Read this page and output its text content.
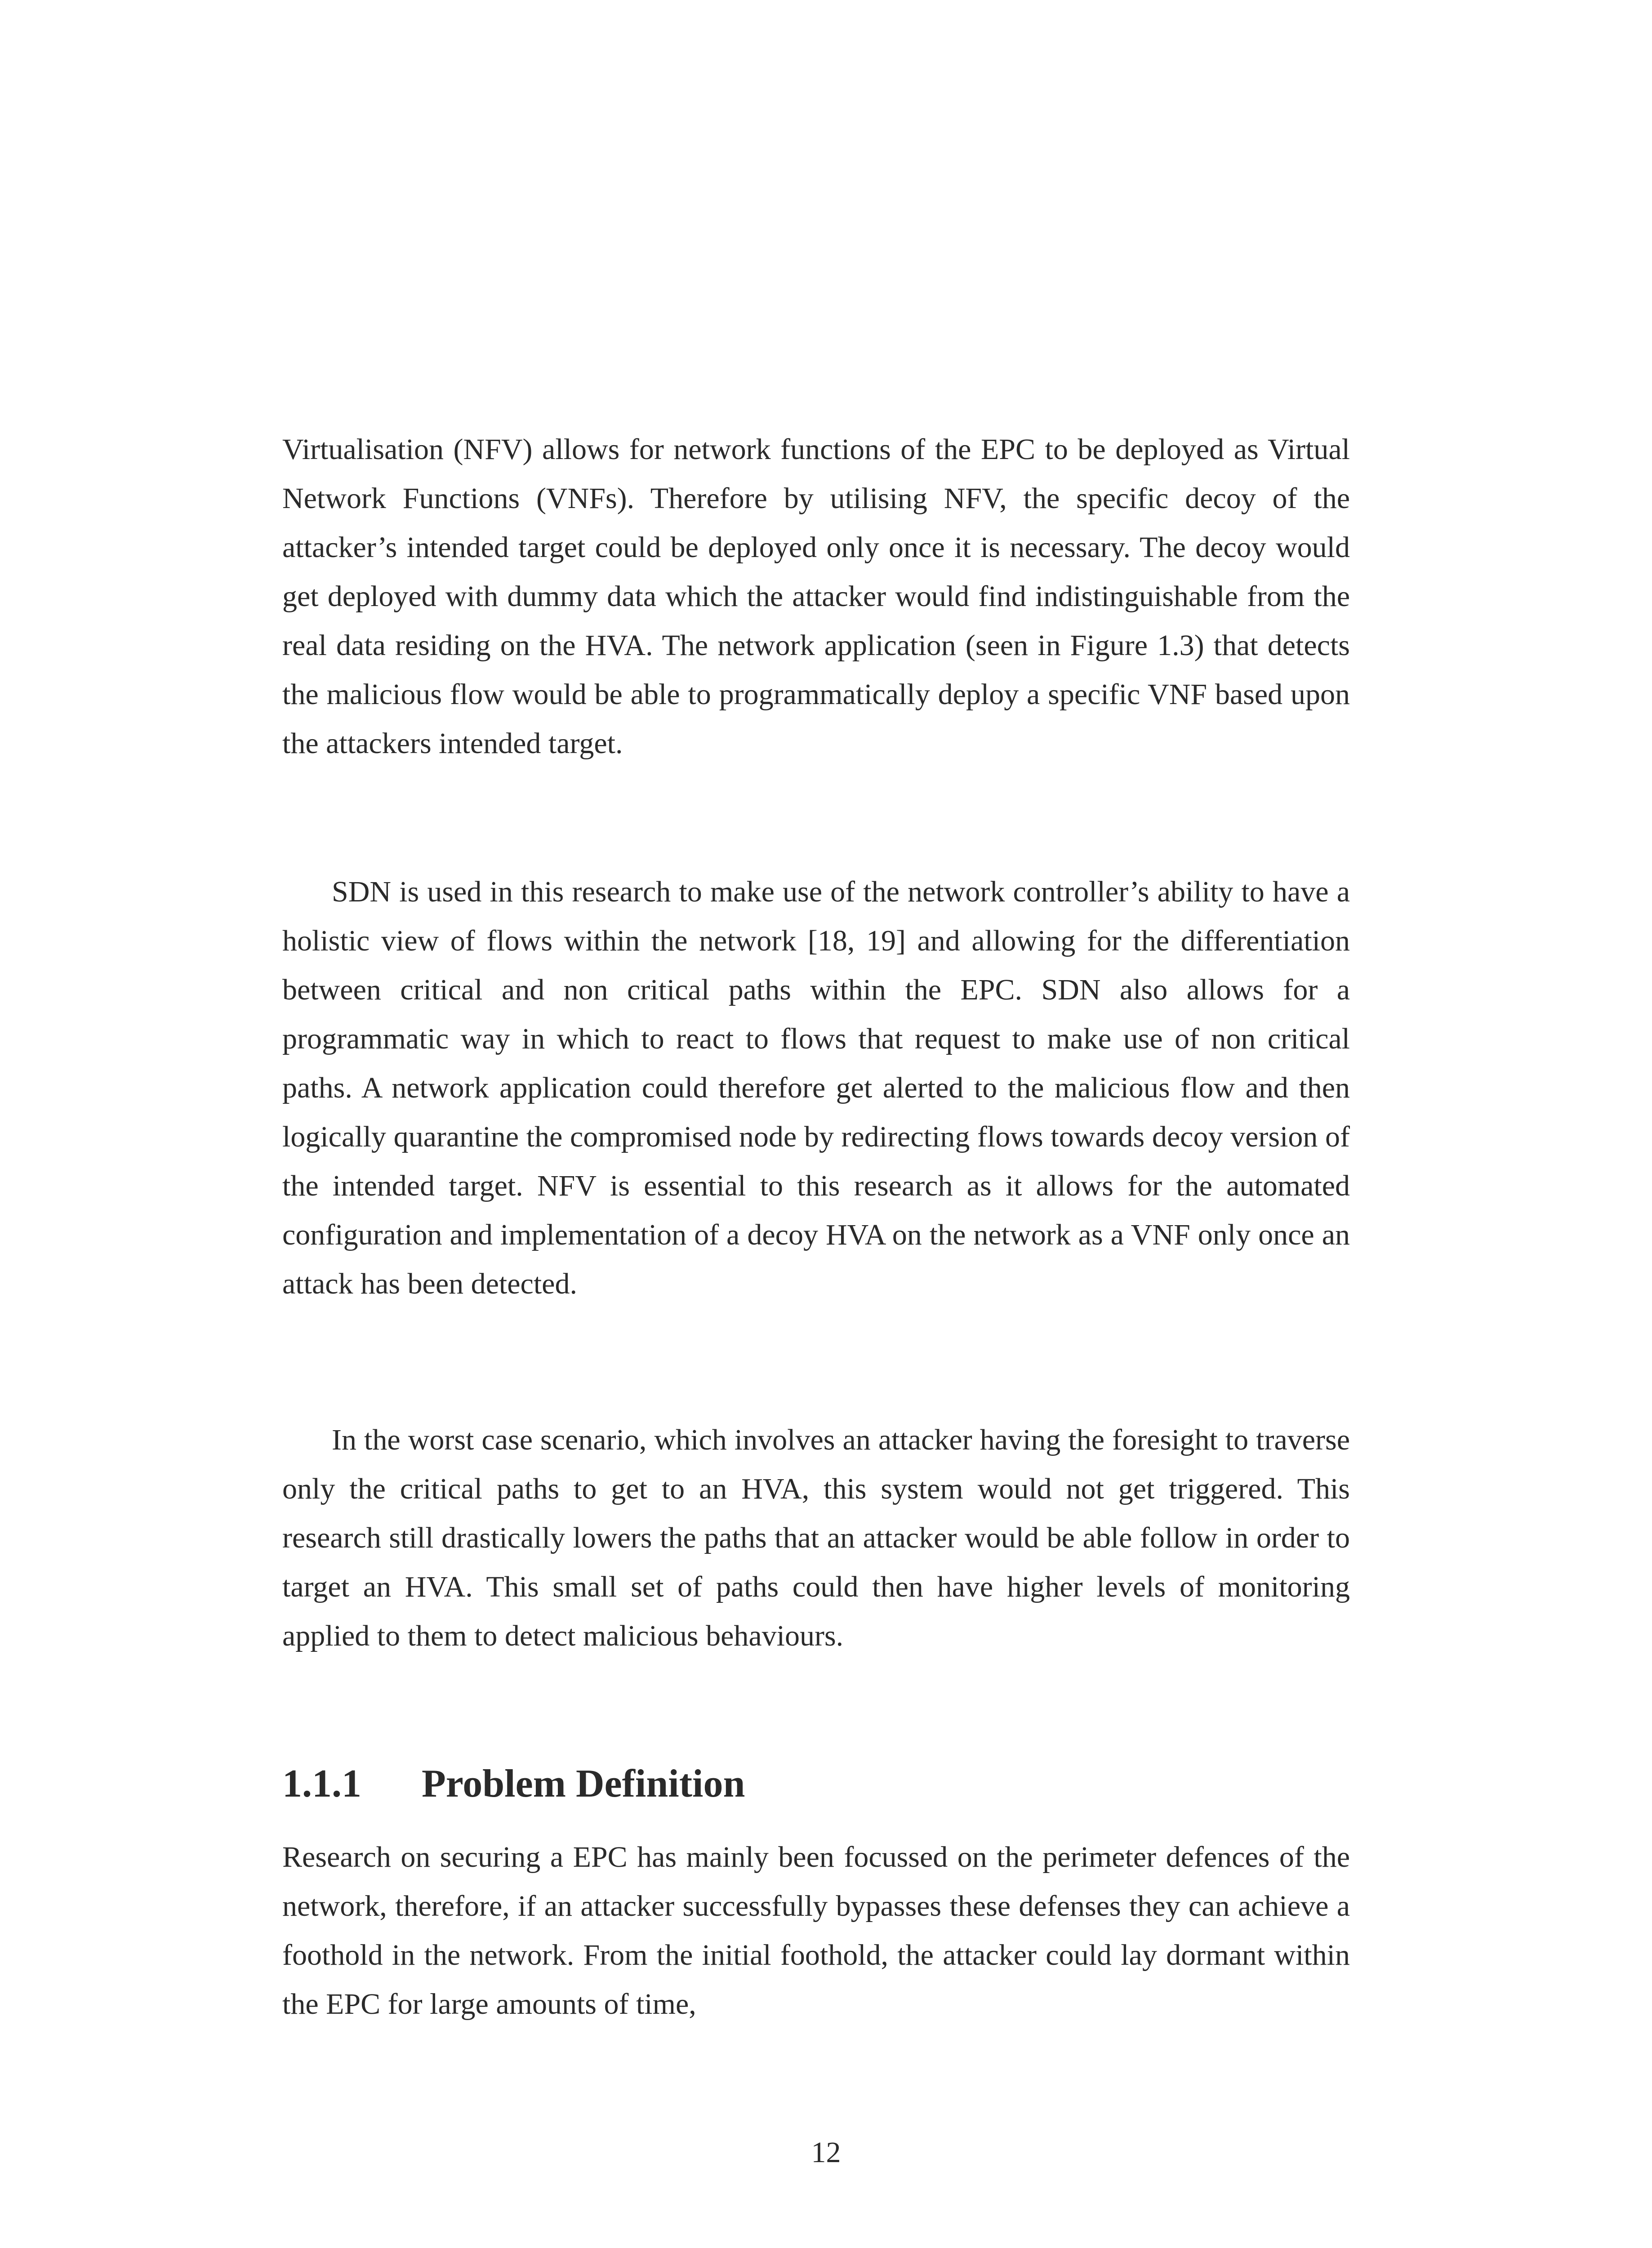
Virtualisation (NFV) allows for network functions of the EPC to be deployed as Virtual Network Functions (VNFs). Therefore by utilising NFV, the specific decoy of the attacker’s intended target could be deployed only once it is necessary. The decoy would get deployed with dummy data which the attacker would find indistinguishable from the real data residing on the HVA. The network application (seen in Figure 1.3) that detects the malicious flow would be able to programmatically deploy a specific VNF based upon the attackers intended target.

SDN is used in this research to make use of the network controller’s ability to have a holistic view of flows within the network [18, 19] and allowing for the differentiation between critical and non critical paths within the EPC. SDN also allows for a programmatic way in which to react to flows that request to make use of non critical paths. A network application could therefore get alerted to the malicious flow and then logically quarantine the compromised node by redirecting flows towards decoy version of the intended target. NFV is essential to this research as it allows for the automated configuration and implementation of a decoy HVA on the network as a VNF only once an attack has been detected.

In the worst case scenario, which involves an attacker having the foresight to traverse only the critical paths to get to an HVA, this system would not get triggered. This research still drastically lowers the paths that an attacker would be able follow in order to target an HVA. This small set of paths could then have higher levels of monitoring applied to them to detect malicious behaviours.

1.1.1 Problem Definition

Research on securing a EPC has mainly been focussed on the perimeter defences of the network, therefore, if an attacker successfully bypasses these defenses they can achieve a foothold in the network. From the initial foothold, the attacker could lay dormant within the EPC for large amounts of time,

12
